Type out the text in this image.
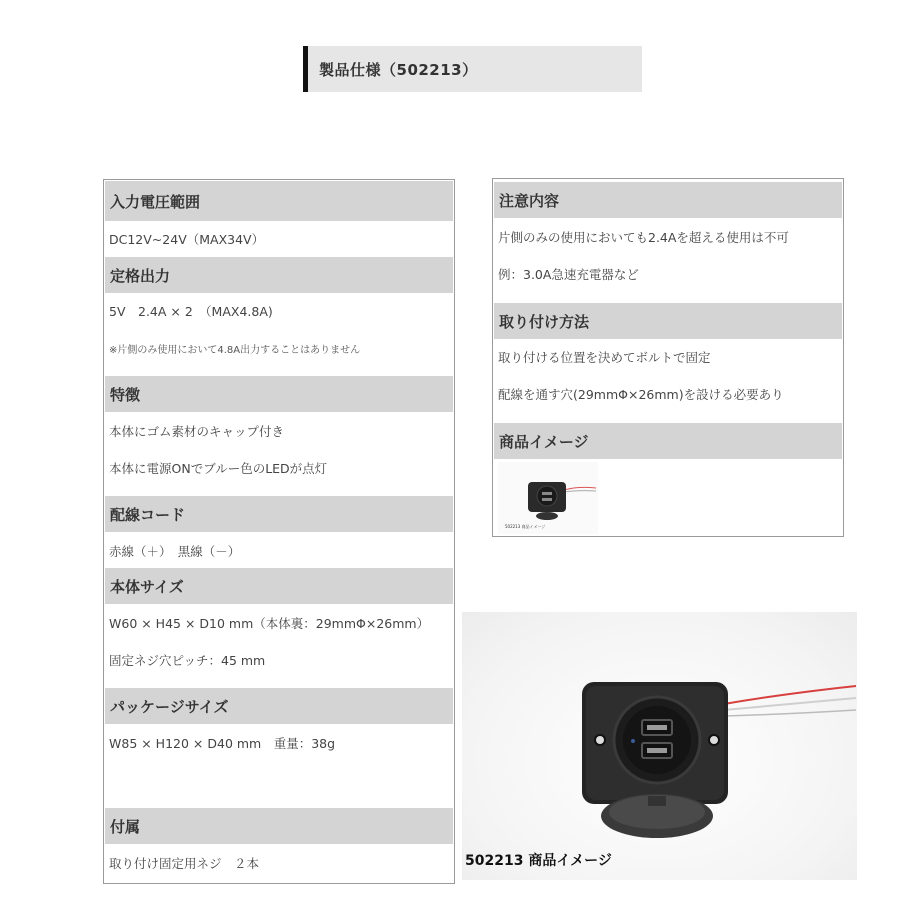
製品仕様（502213）
入力電圧範囲
DC12V~24V（MAX34V）
定格出力
5V　2.4A × 2　（MAX4.8A)
※片側のみ使用において4.8A出力することはありません
特徴
本体にゴム素材のキャップ付き
本体に電源ONでブルー色のLEDが点灯
配線コード
赤線（＋）　黒線（－）
本体サイズ
W60 × H45 × D10 mm（本体裏：29mmΦ×26mm）
固定ネジ穴ピッチ：45 mm
パッケージサイズ
W85 × H120 × D40 mm　重量：38g
付属
取り付け固定用ネジ　２本
注意内容
片側のみの使用においても2.4Aを超える使用は不可
例：3.0A急速充電器など
取り付け方法
取り付ける位置を決めてボルトで固定
配線を通す穴(29mmΦ×26mm)を設ける必要あり
商品イメージ
502213 商品イメージ
502213 商品イメージ
